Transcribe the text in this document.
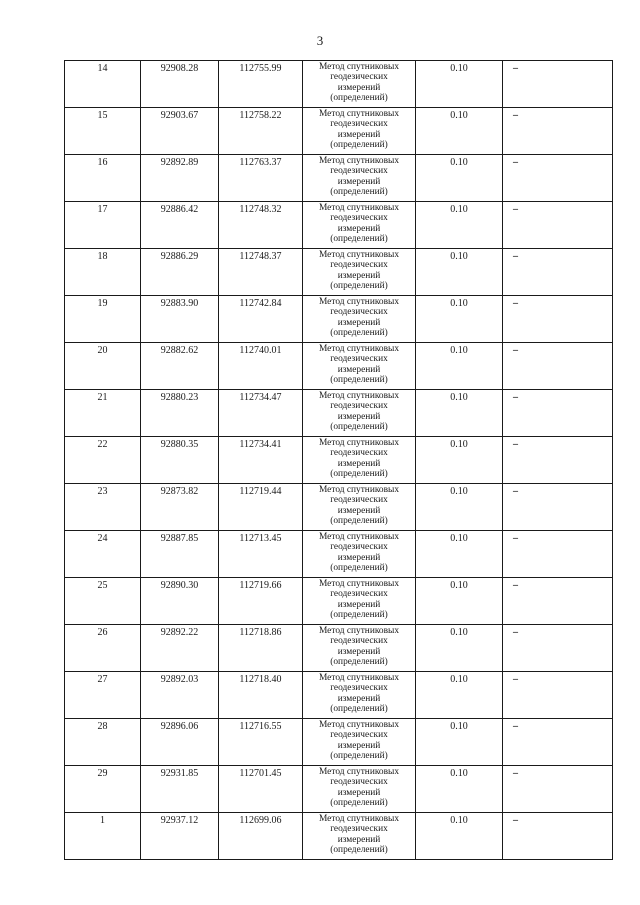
3
14	92908.28	112755.99	Метод спутниковых
геодезических
измерений
(определений)	0.10	–
15	92903.67	112758.22	Метод спутниковых
геодезических
измерений
(определений)	0.10	–
16	92892.89	112763.37	Метод спутниковых
геодезических
измерений
(определений)	0.10	–
17	92886.42	112748.32	Метод спутниковых
геодезических
измерений
(определений)	0.10	–
18	92886.29	112748.37	Метод спутниковых
геодезических
измерений
(определений)	0.10	–
19	92883.90	112742.84	Метод спутниковых
геодезических
измерений
(определений)	0.10	–
20	92882.62	112740.01	Метод спутниковых
геодезических
измерений
(определений)	0.10	–
21	92880.23	112734.47	Метод спутниковых
геодезических
измерений
(определений)	0.10	–
22	92880.35	112734.41	Метод спутниковых
геодезических
измерений
(определений)	0.10	–
23	92873.82	112719.44	Метод спутниковых
геодезических
измерений
(определений)	0.10	–
24	92887.85	112713.45	Метод спутниковых
геодезических
измерений
(определений)	0.10	–
25	92890.30	112719.66	Метод спутниковых
геодезических
измерений
(определений)	0.10	–
26	92892.22	112718.86	Метод спутниковых
геодезических
измерений
(определений)	0.10	–
27	92892.03	112718.40	Метод спутниковых
геодезических
измерений
(определений)	0.10	–
28	92896.06	112716.55	Метод спутниковых
геодезических
измерений
(определений)	0.10	–
29	92931.85	112701.45	Метод спутниковых
геодезических
измерений
(определений)	0.10	–
1	92937.12	112699.06	Метод спутниковых
геодезических
измерений
(определений)	0.10	–
